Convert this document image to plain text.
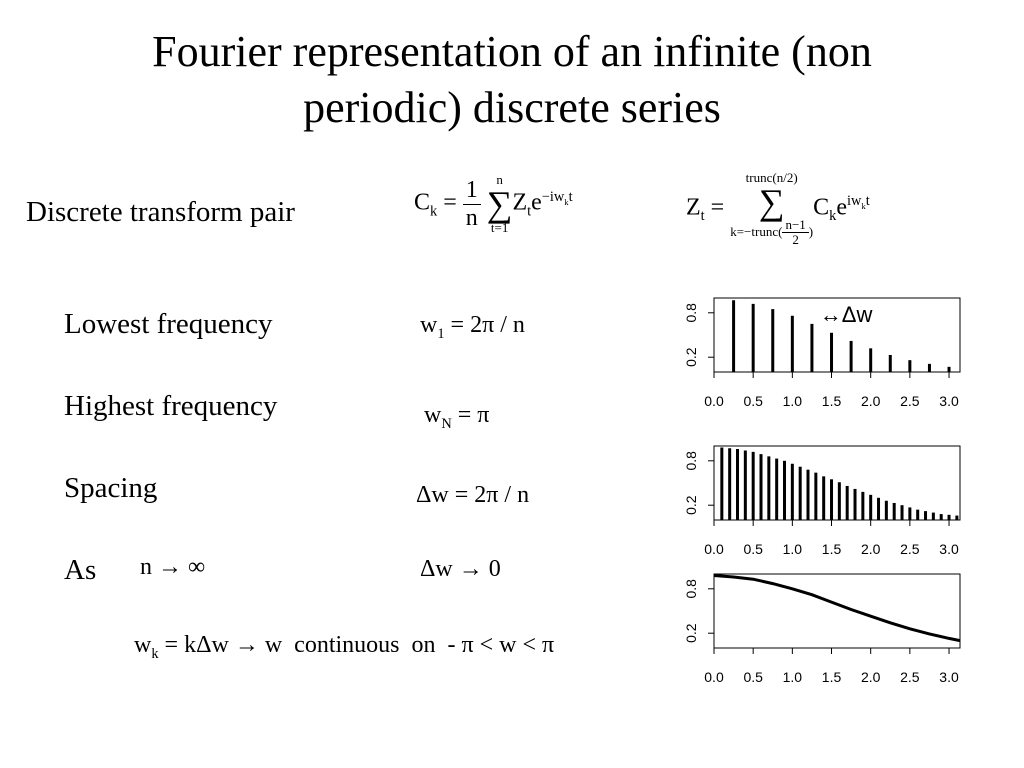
Fourier representation of an infinite (non
periodic) discrete series
Discrete transform pair	$C_k = \frac{1}{n}$ n
∑
$t=1Z_te^{-iw_kt}$	$Z_t$ = trunc(n/2)
∑
k=−trunc( $\frac{n-1}{2} )C_ke^{iw_kt}$
Lowest frequency	$w_1 = 2\pi / n$
Highest frequency	$w_N = \pi$
Spacing	Δw = 2π / n
As n → ∞	Δw → 0
$w_k = k\Delta w \to w$  continuous  on  - π < w < π
0.0 0.5 1.0 1.5 2.0 2.5 3.0
0.2
0.8	↔Δw
0.0 0.5 1.0 1.5 2.0 2.5 3.0
0.2
0.8
0.0 0.5 1.0 1.5 2.0 2.5 3.0
0.2
0.8
